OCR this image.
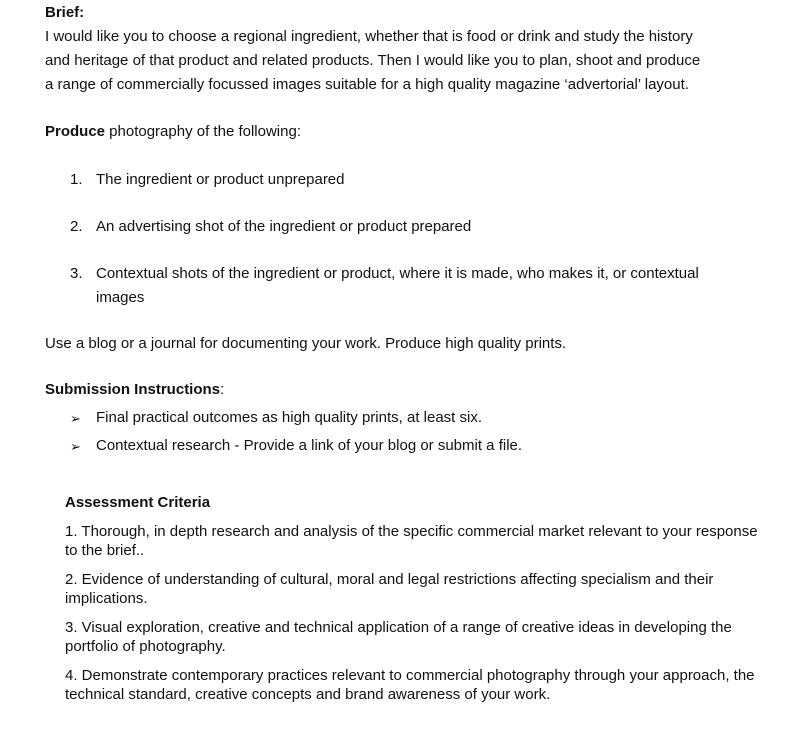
Brief:
I would like you to choose a regional ingredient, whether that is food or drink and study the history
and heritage of that product and related products. Then I would like you to plan, shoot and produce
a range of commercially focussed images suitable for a high quality magazine ‘advertorial’ layout.
Produce photography of the following:
1. The ingredient or product unprepared
2. An advertising shot of the ingredient or product prepared
3. Contextual shots of the ingredient or product, where it is made, who makes it, or contextual
images
Use a blog or a journal for documenting your work. Produce high quality prints.
Submission Instructions:
➢ Final practical outcomes as high quality prints, at least six.
➢ Contextual research - Provide a link of your blog or submit a file.
Assessment Criteria
1. Thorough, in depth research and analysis of the specific commercial market relevant to your response to the brief..
2. Evidence of understanding of cultural, moral and legal restrictions affecting specialism and their implications.
3. Visual exploration, creative and technical application of a range of creative ideas in developing the portfolio of photography.
4. Demonstrate contemporary practices relevant to commercial photography through your approach, the technical standard, creative concepts and brand awareness of your work.
